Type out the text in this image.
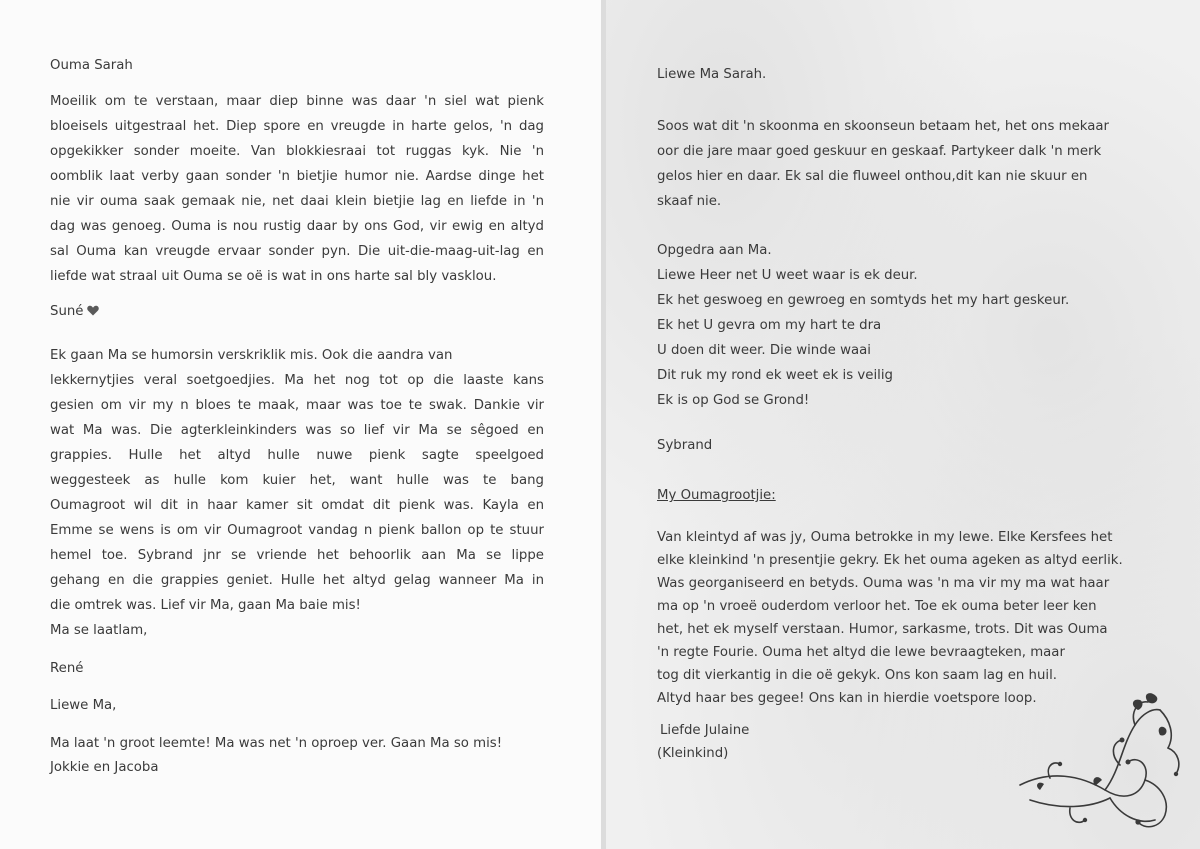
Ouma Sarah
Moeilik om te verstaan, maar diep binne was daar 'n siel wat pienk
bloeisels uitgestraal het. Diep spore en vreugde in harte gelos, 'n dag
opgekikker sonder moeite. Van blokkiesraai tot ruggas kyk. Nie 'n
oomblik laat verby gaan sonder 'n bietjie humor nie. Aardse dinge het
nie vir ouma saak gemaak nie, net daai klein bietjie lag en liefde in 'n
dag was genoeg. Ouma is nou rustig daar by ons God, vir ewig en altyd
sal Ouma kan vreugde ervaar sonder pyn. Die uit-die-maag-uit-lag en
liefde wat straal uit Ouma se oë is wat in ons harte sal bly vasklou.
Suné
Ek gaan Ma se humorsin verskriklik mis. Ook die aandra van
lekkernytjies veral soetgoedjies. Ma het nog tot op die laaste kans
gesien om vir my n bloes te maak, maar was toe te swak. Dankie vir
wat Ma was. Die agterkleinkinders was so lief vir Ma se sêgoed en
grappies. Hulle het altyd hulle nuwe pienk sagte speelgoed
weggesteek as hulle kom kuier het, want hulle was te bang
Oumagroot wil dit in haar kamer sit omdat dit pienk was. Kayla en
Emme se wens is om vir Oumagroot vandag n pienk ballon op te stuur
hemel toe. Sybrand jnr se vriende het behoorlik aan Ma se lippe
gehang en die grappies geniet. Hulle het altyd gelag wanneer Ma in
die omtrek was. Lief vir Ma, gaan Ma baie mis!
Ma se laatlam,
René
Liewe Ma,
Ma laat 'n groot leemte! Ma was net 'n oproep ver. Gaan Ma so mis!
Jokkie en Jacoba
Liewe Ma Sarah.
Soos wat dit 'n skoonma en skoonseun betaam het, het ons mekaar
oor die jare maar goed geskuur en geskaaf. Partykeer dalk 'n merk
gelos hier en daar. Ek sal die fluweel onthou,dit kan nie skuur en
skaaf nie.
Opgedra aan Ma.
Liewe Heer net U weet waar is ek deur.
Ek het geswoeg en gewroeg en somtyds het my hart geskeur.
Ek het U gevra om my hart te dra
U doen dit weer. Die winde waai
Dit ruk my rond ek weet ek is veilig
Ek is op God se Grond!
Sybrand
My Oumagrootjie:
Van kleintyd af was jy, Ouma betrokke in my lewe. Elke Kersfees het
elke kleinkind 'n presentjie gekry. Ek het ouma ageken as altyd eerlik.
Was georganiseerd en betyds. Ouma was 'n ma vir my ma wat haar
ma op 'n vroeë ouderdom verloor het. Toe ek ouma beter leer ken
het, het ek myself verstaan. Humor, sarkasme, trots. Dit was Ouma
'n regte Fourie. Ouma het altyd die lewe bevraagteken, maar
tog dit vierkantig in die oë gekyk. Ons kon saam lag en huil.
Altyd haar bes gegee! Ons kan in hierdie voetspore loop.
Liefde Julaine
(Kleinkind)
